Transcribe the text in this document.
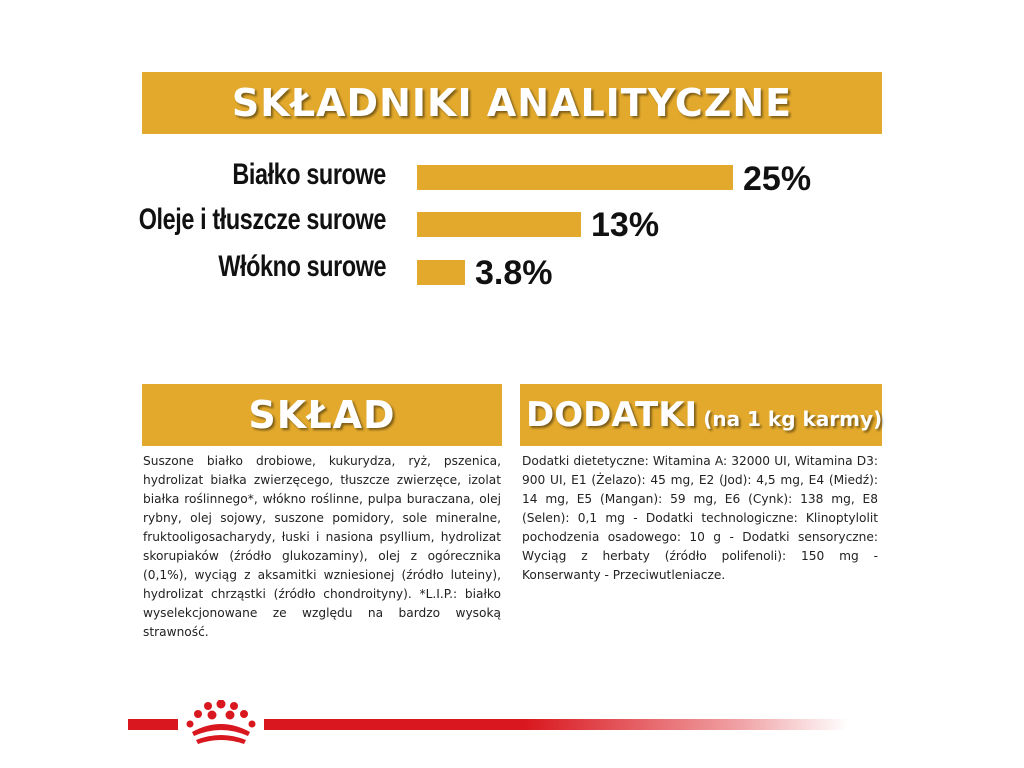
SKŁADNIKI ANALITYCZNE
Białko surowe	25%
Oleje i tłuszcze surowe	13%
Włókno surowe	3.8%
SKŁAD	DODATKI (na 1 kg karmy)
Suszone białko drobiowe, kukurydza, ryż, pszenica, hydrolizat białka zwierzęcego, tłuszcze zwierzęce, izolat białka roślinnego*, włókno roślinne, pulpa buraczana, olej rybny, olej sojowy, suszone pomidory, sole mineralne, fruktooligosacharydy, łuski i nasiona psyllium, hydrolizat skorupiaków (źródło glukozaminy), olej z ogórecznika (0,1%), wyciąg z aksamitki wzniesionej (źródło luteiny), hydrolizat chrząstki (źródło chondroityny). *L.I.P.: białko wyselekcjonowane ze względu na bardzo wysoką strawność.
Dodatki dietetyczne: Witamina A: 32000 UI, Witamina D3: 900 UI, E1 (Żelazo): 45 mg, E2 (Jod): 4,5 mg, E4 (Miedź): 14 mg, E5 (Mangan): 59 mg, E6 (Cynk): 138 mg, E8 (Selen): 0,1 mg - Dodatki technologiczne: Klinoptylolit pochodzenia osadowego: 10 g - Dodatki sensoryczne: Wyciąg z herbaty (źródło polifenoli): 150 mg - Konserwanty - Przeciwutleniacze.
